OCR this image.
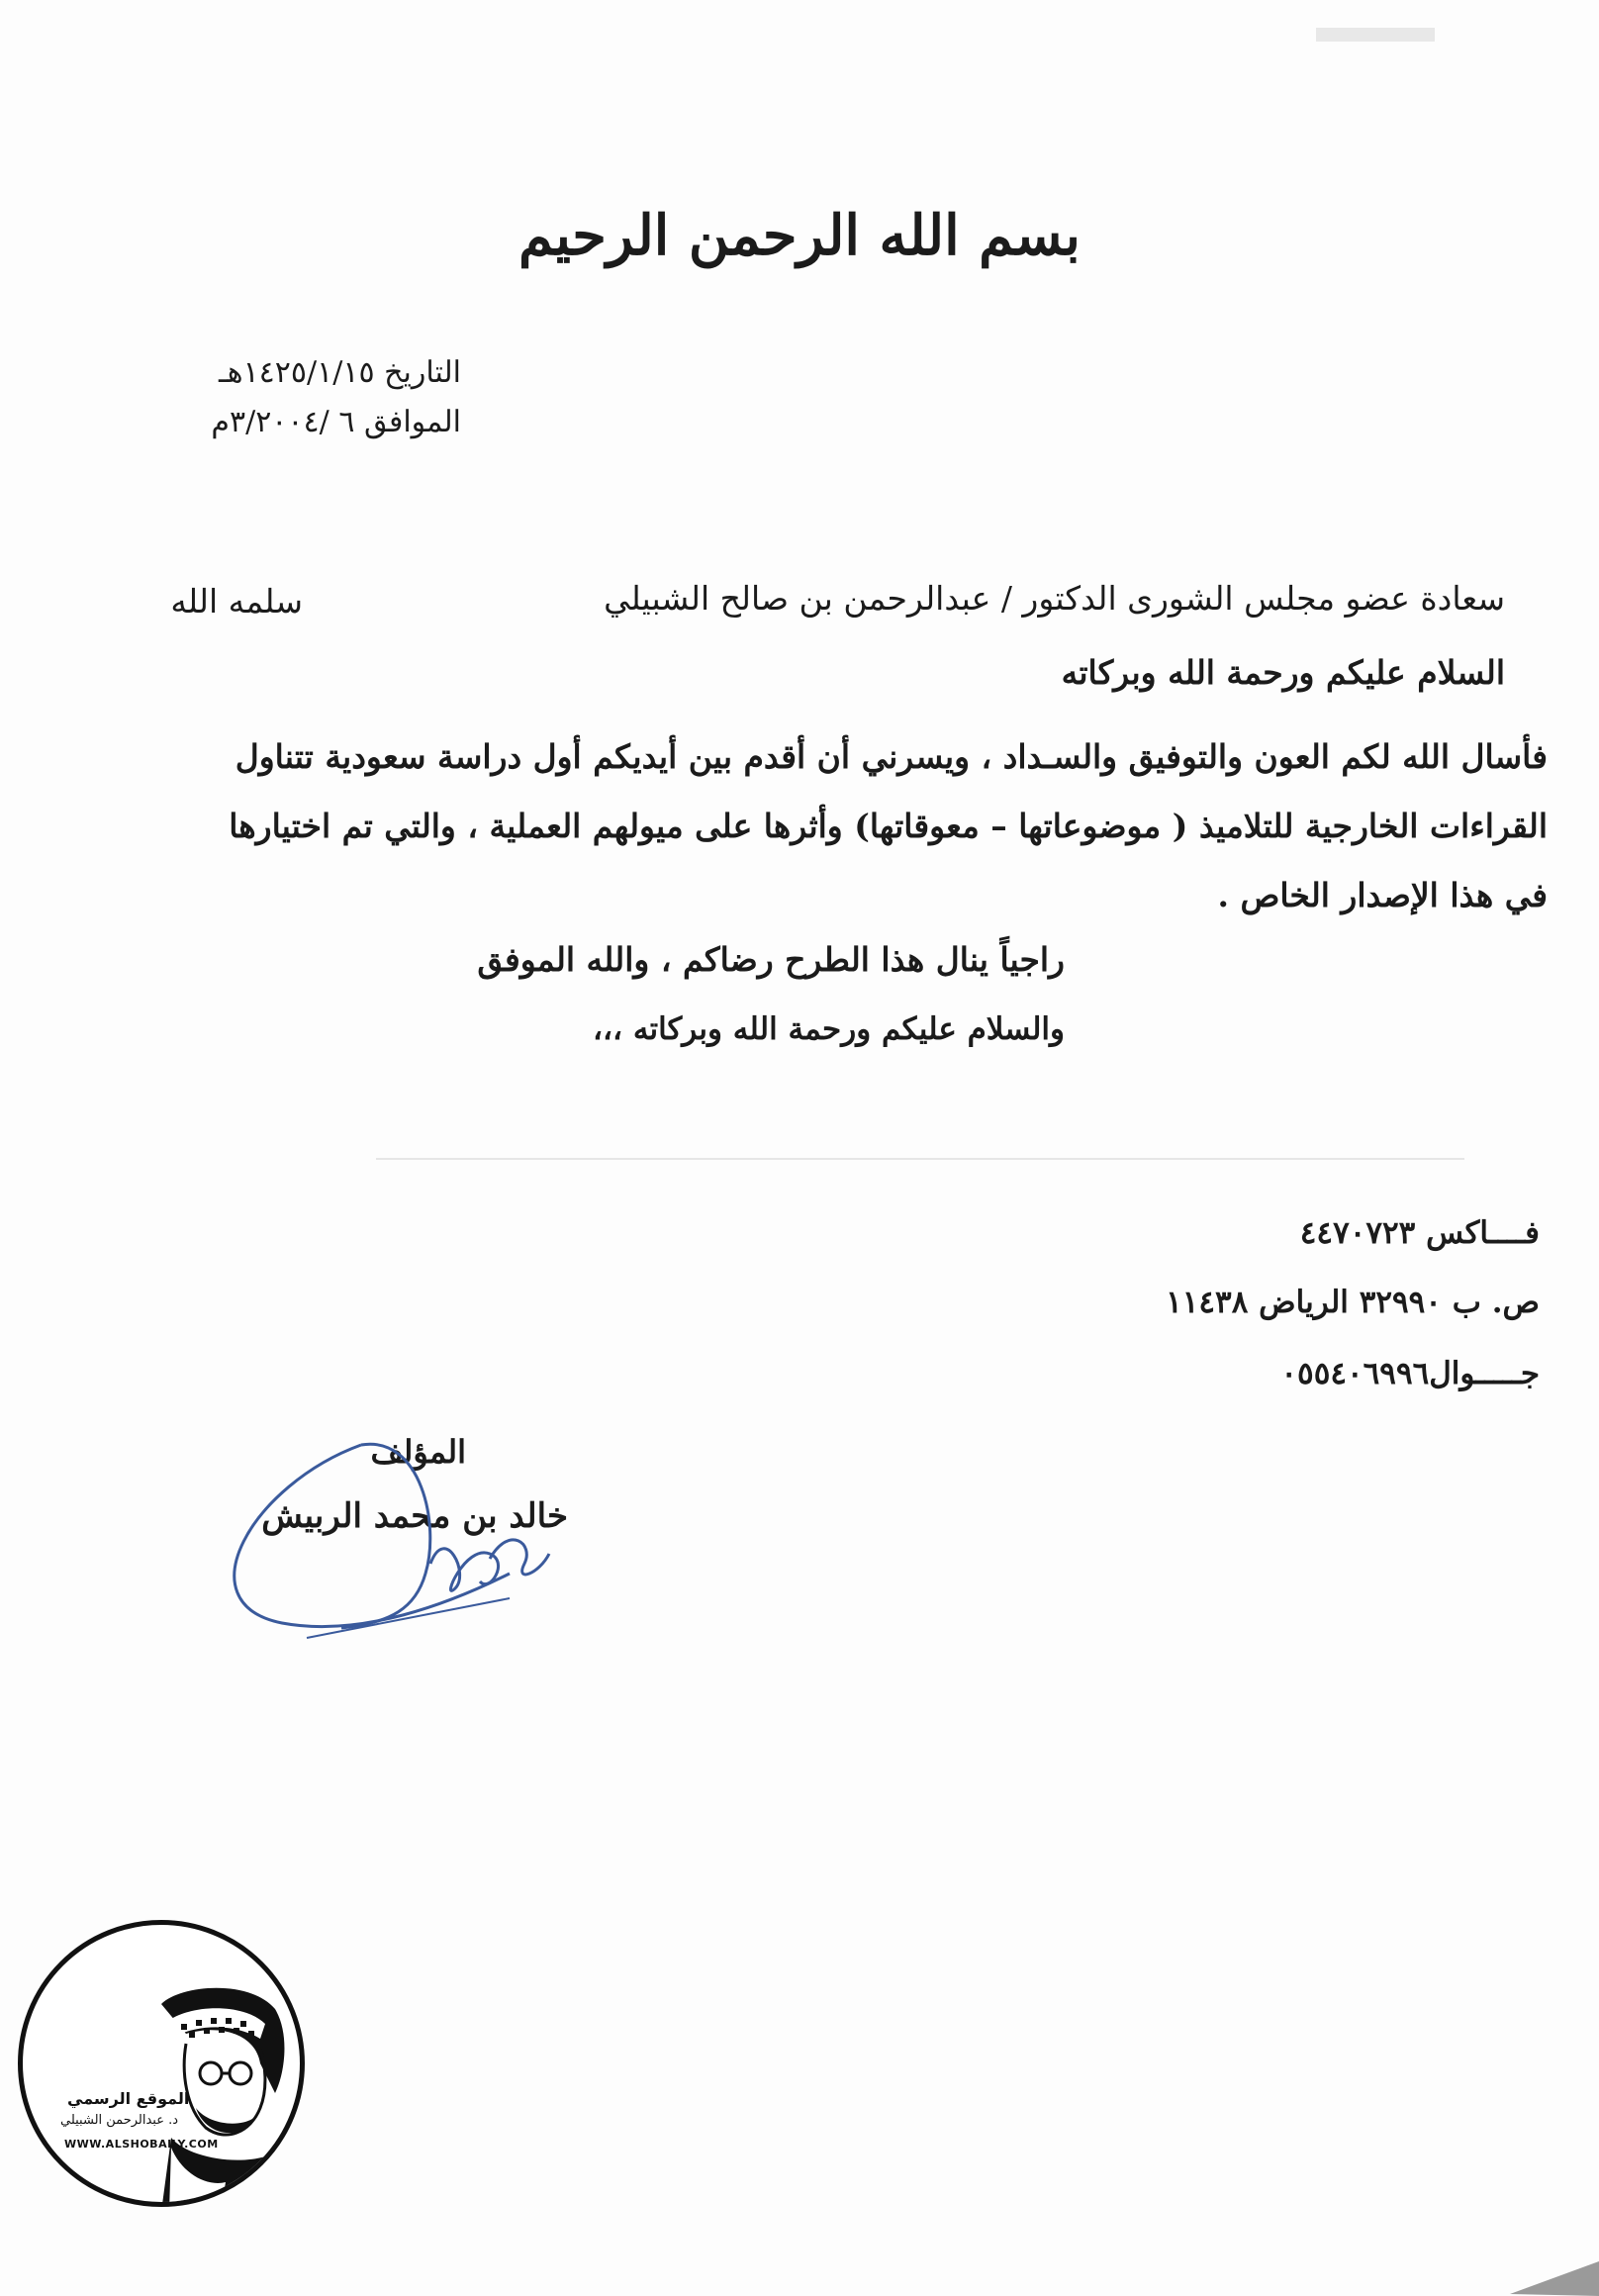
بسم الله الرحمن الرحيم
التاريخ ١٤٢٥/١/١٥هـ
الموافق ٦ /٣/٢٠٠٤م
سعادة عضو مجلس الشورى الدكتور / عبدالرحمن بن صالح الشبيلي
سلمه الله
السلام عليكم ورحمة الله وبركاته
فأسال الله لكم العون والتوفيق والسـداد ، ويسرني أن أقدم بين أيديكم أول دراسة سعودية تتناول
القراءات الخارجية للتلاميذ ( موضوعاتها – معوقاتها) وأثرها على ميولهم العملية ، والتي تم اختيارها
في هذا الإصدار الخاص .
راجياً ينال هذا الطرح رضاكم ، والله الموفق
والسلام عليكم ورحمة الله وبركاته ،،،
فــــاكس ٤٤٧٠٧٢٣
ص. ب ٣٢٩٩٠ الرياض ١١٤٣٨
جـــــوال٠٥٥٤٠٦٩٩٦
المؤلف
خالد بن محمد الربيش
الموقع الرسمي
د. عبدالرحمن الشبيلي
WWW.ALSHOBAILY.COM
